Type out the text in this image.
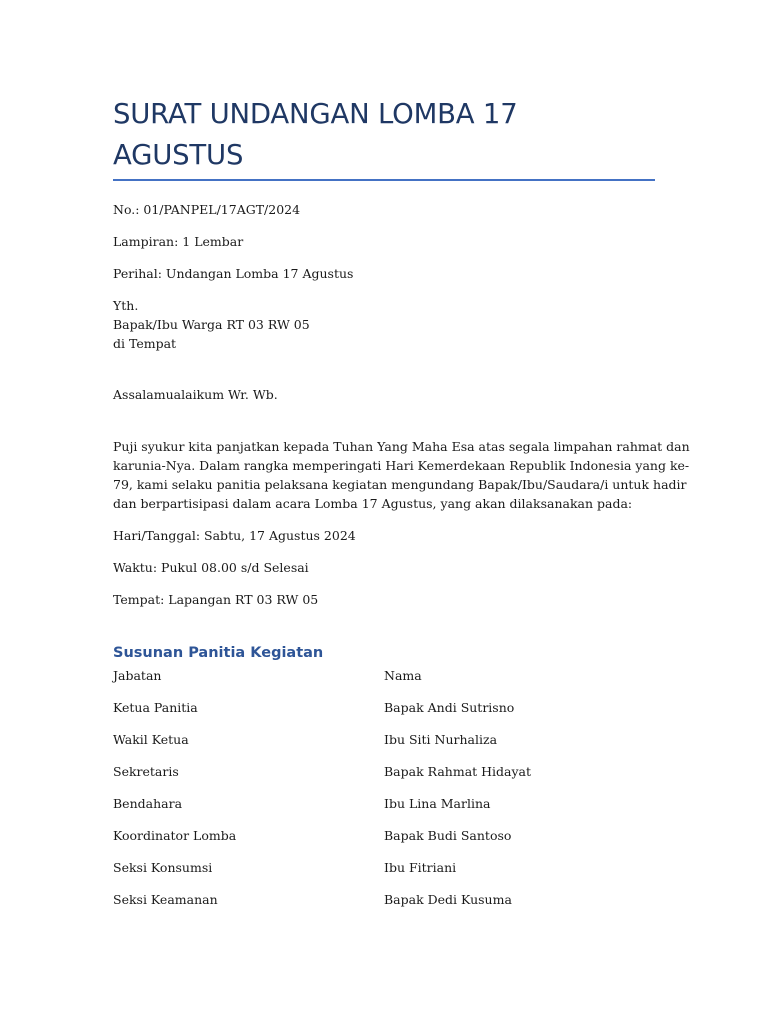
SURAT UNDANGAN LOMBA 17 AGUSTUS

No.: 01/PANPEL/17AGT/2024

Lampiran: 1 Lembar

Perihal: Undangan Lomba 17 Agustus

Yth.

Bapak/Ibu Warga RT 03 RW 05

di Tempat

Assalamualaikum Wr. Wb.

Puji syukur kita panjatkan kepada Tuhan Yang Maha Esa atas segala limpahan rahmat dan
karunia-Nya. Dalam rangka memperingati Hari Kemerdekaan Republik Indonesia yang ke-
79, kami selaku panitia pelaksana kegiatan mengundang Bapak/Ibu/Saudara/i untuk hadir
dan berpartisipasi dalam acara Lomba 17 Agustus, yang akan dilaksanakan pada:

Hari/Tanggal: Sabtu, 17 Agustus 2024

Waktu: Pukul 08.00 s/d Selesai

Tempat: Lapangan RT 03 RW 05

Susunan Panitia Kegiatan
Jabatan	Nama
Ketua Panitia	Bapak Andi Sutrisno
Wakil Ketua	Ibu Siti Nurhaliza
Sekretaris	Bapak Rahmat Hidayat
Bendahara	Ibu Lina Marlina
Koordinator Lomba	Bapak Budi Santoso
Seksi Konsumsi	Ibu Fitriani
Seksi Keamanan	Bapak Dedi Kusuma
